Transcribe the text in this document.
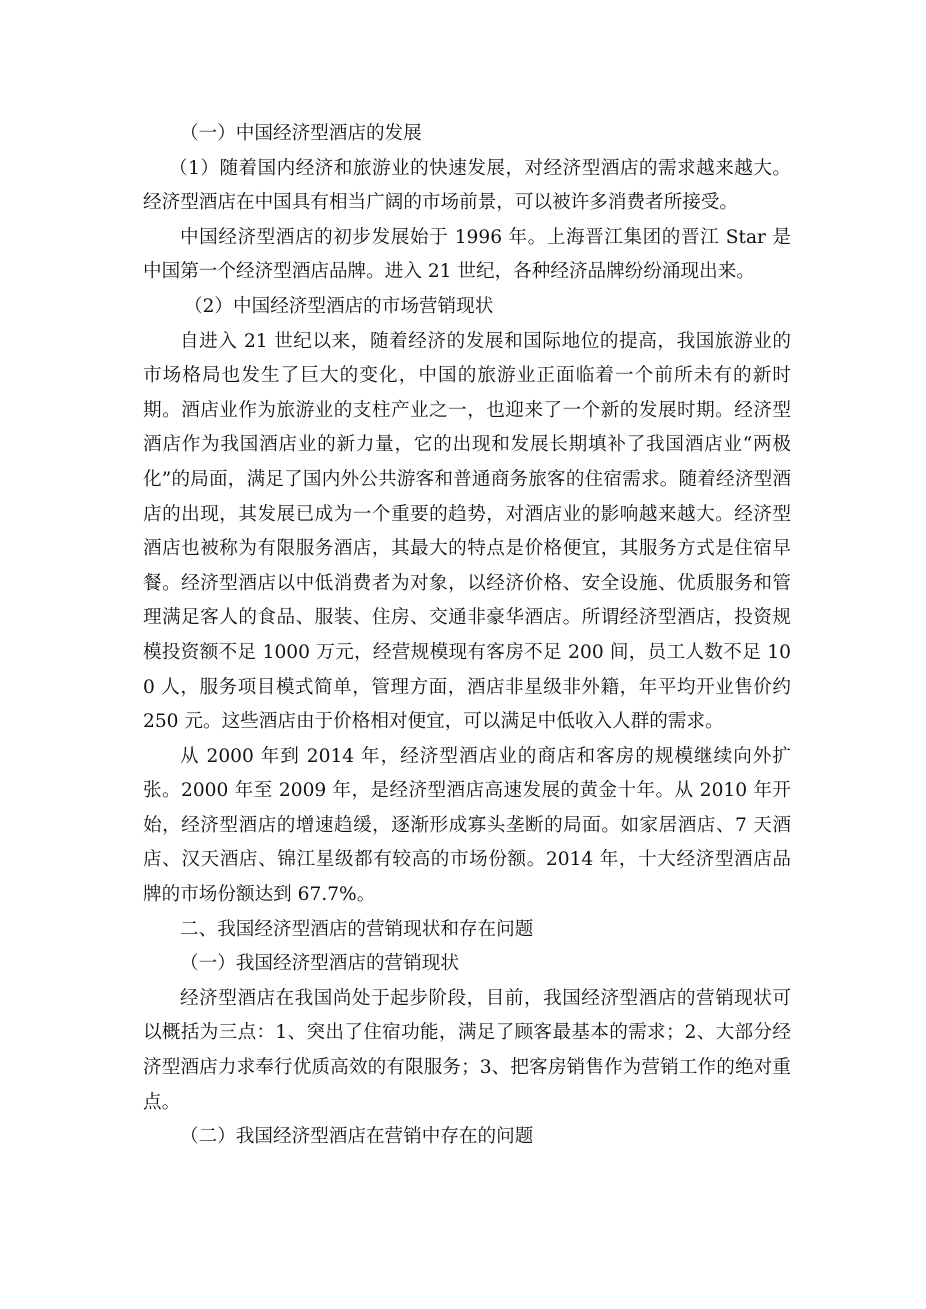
（一）中国经济型酒店的发展

（1）随着国内经济和旅游业的快速发展，对经济型酒店的需求越来越大。经济型酒店在中国具有相当广阔的市场前景，可以被许多消费者所接受。

中国经济型酒店的初步发展始于 1996 年。上海晋江集团的晋江 Star 是中国第一个经济型酒店品牌。进入 21 世纪，各种经济品牌纷纷涌现出来。

（2）中国经济型酒店的市场营销现状

自进入 21 世纪以来，随着经济的发展和国际地位的提高，我国旅游业的市场格局也发生了巨大的变化，中国的旅游业正面临着一个前所未有的新时期。酒店业作为旅游业的支柱产业之一，也迎来了一个新的发展时期。经济型酒店作为我国酒店业的新力量，它的出现和发展长期填补了我国酒店业“两极化”的局面，满足了国内外公共游客和普通商务旅客的住宿需求。随着经济型酒店的出现，其发展已成为一个重要的趋势，对酒店业的影响越来越大。经济型酒店也被称为有限服务酒店，其最大的特点是价格便宜，其服务方式是住宿早餐。经济型酒店以中低消费者为对象，以经济价格、安全设施、优质服务和管理满足客人的食品、服装、住房、交通非豪华酒店。所谓经济型酒店，投资规模投资额不足 1000 万元，经营规模现有客房不足 200 间，员工人数不足 100 人，服务项目模式简单，管理方面，酒店非星级非外籍，年平均开业售价约 250 元。这些酒店由于价格相对便宜，可以满足中低收入人群的需求。

从 2000 年到 2014 年，经济型酒店业的商店和客房的规模继续向外扩张。2000 年至 2009 年，是经济型酒店高速发展的黄金十年。从 2010 年开始，经济型酒店的增速趋缓，逐渐形成寡头垄断的局面。如家居酒店、7 天酒店、汉天酒店、锦江星级都有较高的市场份额。2014 年，十大经济型酒店品牌的市场份额达到 67.7%。

二、我国经济型酒店的营销现状和存在问题

（一）我国经济型酒店的营销现状

经济型酒店在我国尚处于起步阶段，目前，我国经济型酒店的营销现状可以概括为三点：1、突出了住宿功能，满足了顾客最基本的需求；2、大部分经济型酒店力求奉行优质高效的有限服务；3、把客房销售作为营销工作的绝对重点。

（二）我国经济型酒店在营销中存在的问题
